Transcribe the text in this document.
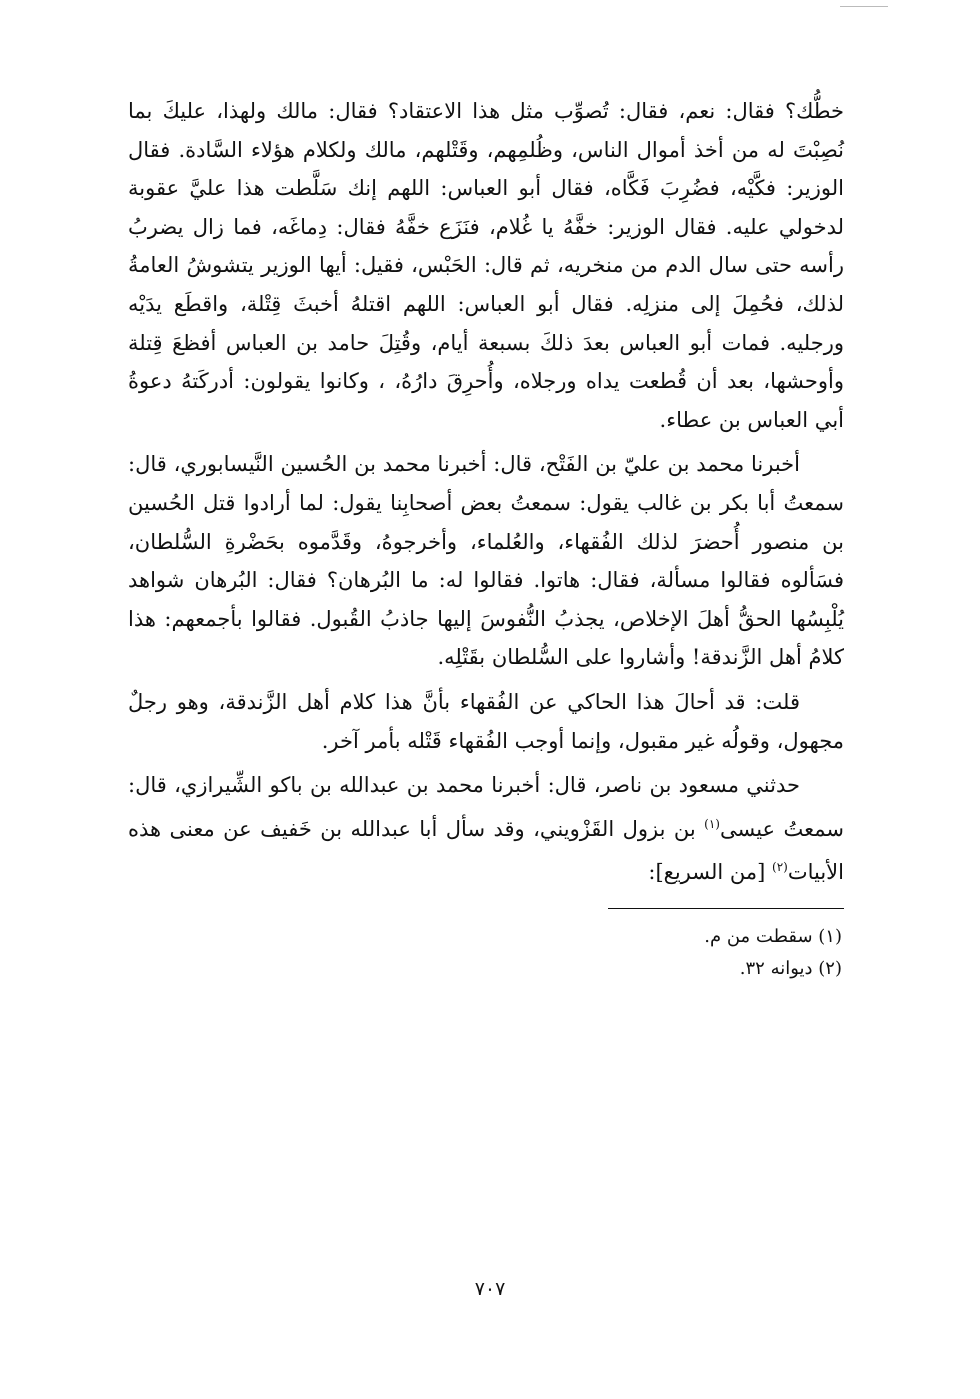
خطُّك؟ فقال: نعم، فقال: تُصوِّب مثل هذا الاعتقاد؟ فقال: مالك ولهذا، عليكَ بما نُصِبْتَ له من أخذ أموال الناس، وظُلمِهم، وقَتْلهم، مالك ولكلام هؤلاء السَّادة. فقال الوزير: فكَّيْه، فضُرِبَ فَكَّاه، فقال أبو العباس: اللهم إنك سَلَّطت هذا عليَّ عقوبة لدخولي عليه. فقال الوزير: خفَّهُ يا غُلام، فنَزَع خفَّهُ فقال: دِماغَه، فما زال يضربُ رأسه حتى سال الدم من منخريه، ثم قال: الحَبْس، فقيل: أيها الوزير يتشوشُ العامةُ لذلك، فحُمِلَ إلى منزلِه. فقال أبو العباس: اللهم اقتلهُ أخبثَ قِتْلة، واقطَع يدَيْه ورجليه. فمات أبو العباس بعدَ ذلكَ بسبعة أيام، وقُتِلَ حامد بن العباس أفظعَ قِتلة وأوحشها، بعد أن قُطعت يداه ورجلاه، وأُحرِقَ دارُهُ، ، وكانوا يقولون: أدركَتهُ دعوةُ أبي العباس بن عطاء.

أخبرنا محمد بن عليّ بن الفَتْح، قال: أخبرنا محمد بن الحُسين النَّيسابوري، قال: سمعتُ أبا بكر بن غالب يقول: سمعتُ بعض أصحابِنا يقول: لما أرادوا قتل الحُسين بن منصور أُحضرَ لذلك الفُقهاء، والعُلماء، وأخرجوهُ، وقَدَّموه بحَضْرةِ السُّلطان، فسَألوه فقالوا مسألة، فقال: هاتوا. فقالوا له: ما البُرهان؟ فقال: البُرهان شواهد يُلْبِسُها الحقُّ أهلَ الإخلاص، يجذبُ النُّفوسَ إليها جاذبُ القُبول. فقالوا بأجمعهم: هذا كلامُ أهل الزَّندقة! وأشاروا على السُّلطان بقَتْلِه.

قلت: قد أحالَ هذا الحاكي عن الفُقهاء بأنَّ هذا كلام أهل الزَّندقة، وهو رجلٌ مجهول، وقولُه غير مقبول، وإنما أوجب الفُقهاء قَتْله بأمر آخر.

حدثني مسعود بن ناصر، قال: أخبرنا محمد بن عبدالله بن باكو الشِّيرازي، قال: سمعتُ عيسى$^{(١)}$ بن بزول القَزْويني، وقد سأل أبا عبدالله بن خَفيف عن معنى هذه الأبيات$^{(٢)}$ [من السريع]:

(١) سقطت من م.

(٢) ديوانه ٣٢.

٧٠٧
